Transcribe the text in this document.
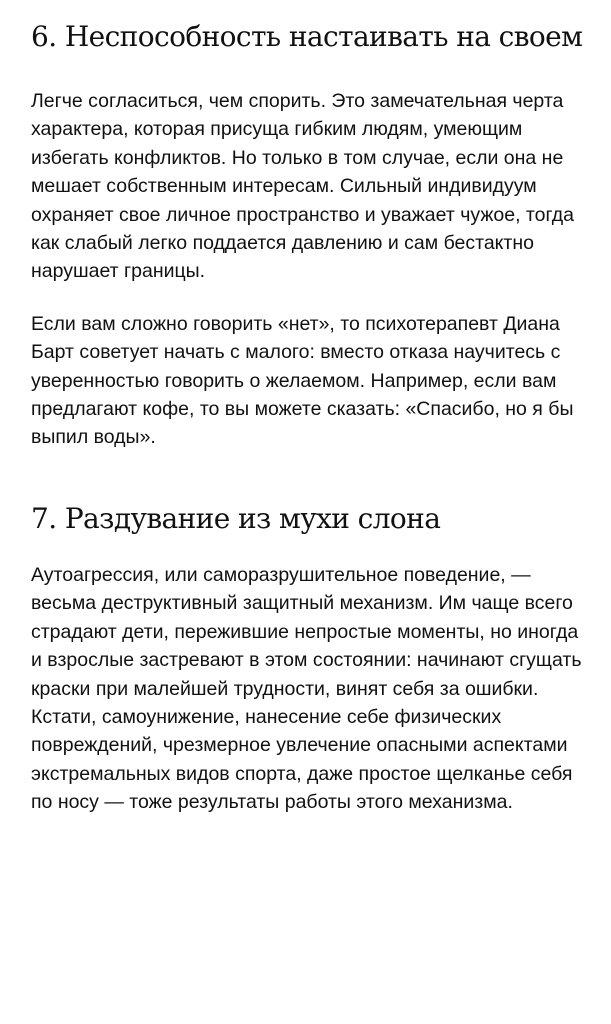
6. Неспособность настаивать на своем

Легче согласиться, чем спорить. Это замечательная черта характера, которая присуща гибким людям, умеющим избегать конфликтов. Но только в том случае, если она не мешает собственным интересам. Сильный индивидуум охраняет свое личное пространство и уважает чужое, тогда как слабый легко поддается давлению и сам бестактно нарушает границы.

Если вам сложно говорить «нет», то психотерапевт Диана Барт советует начать с малого: вместо отказа научитесь с уверенностью говорить о желаемом. Например, если вам предлагают кофе, то вы можете сказать: «Спасибо, но я бы выпил воды».

7. Раздувание из мухи слона

Аутоагрессия, или саморазрушительное поведение, — весьма деструктивный защитный механизм. Им чаще всего страдают дети, пережившие непростые моменты, но иногда и взрослые застревают в этом состоянии: начинают сгущать краски при малейшей трудности, винят себя за ошибки. Кстати, самоунижение, нанесение себе физических повреждений, чрезмерное увлечение опасными аспектами экстремальных видов спорта, даже простое щелканье себя по носу — тоже результаты работы этого механизма.
